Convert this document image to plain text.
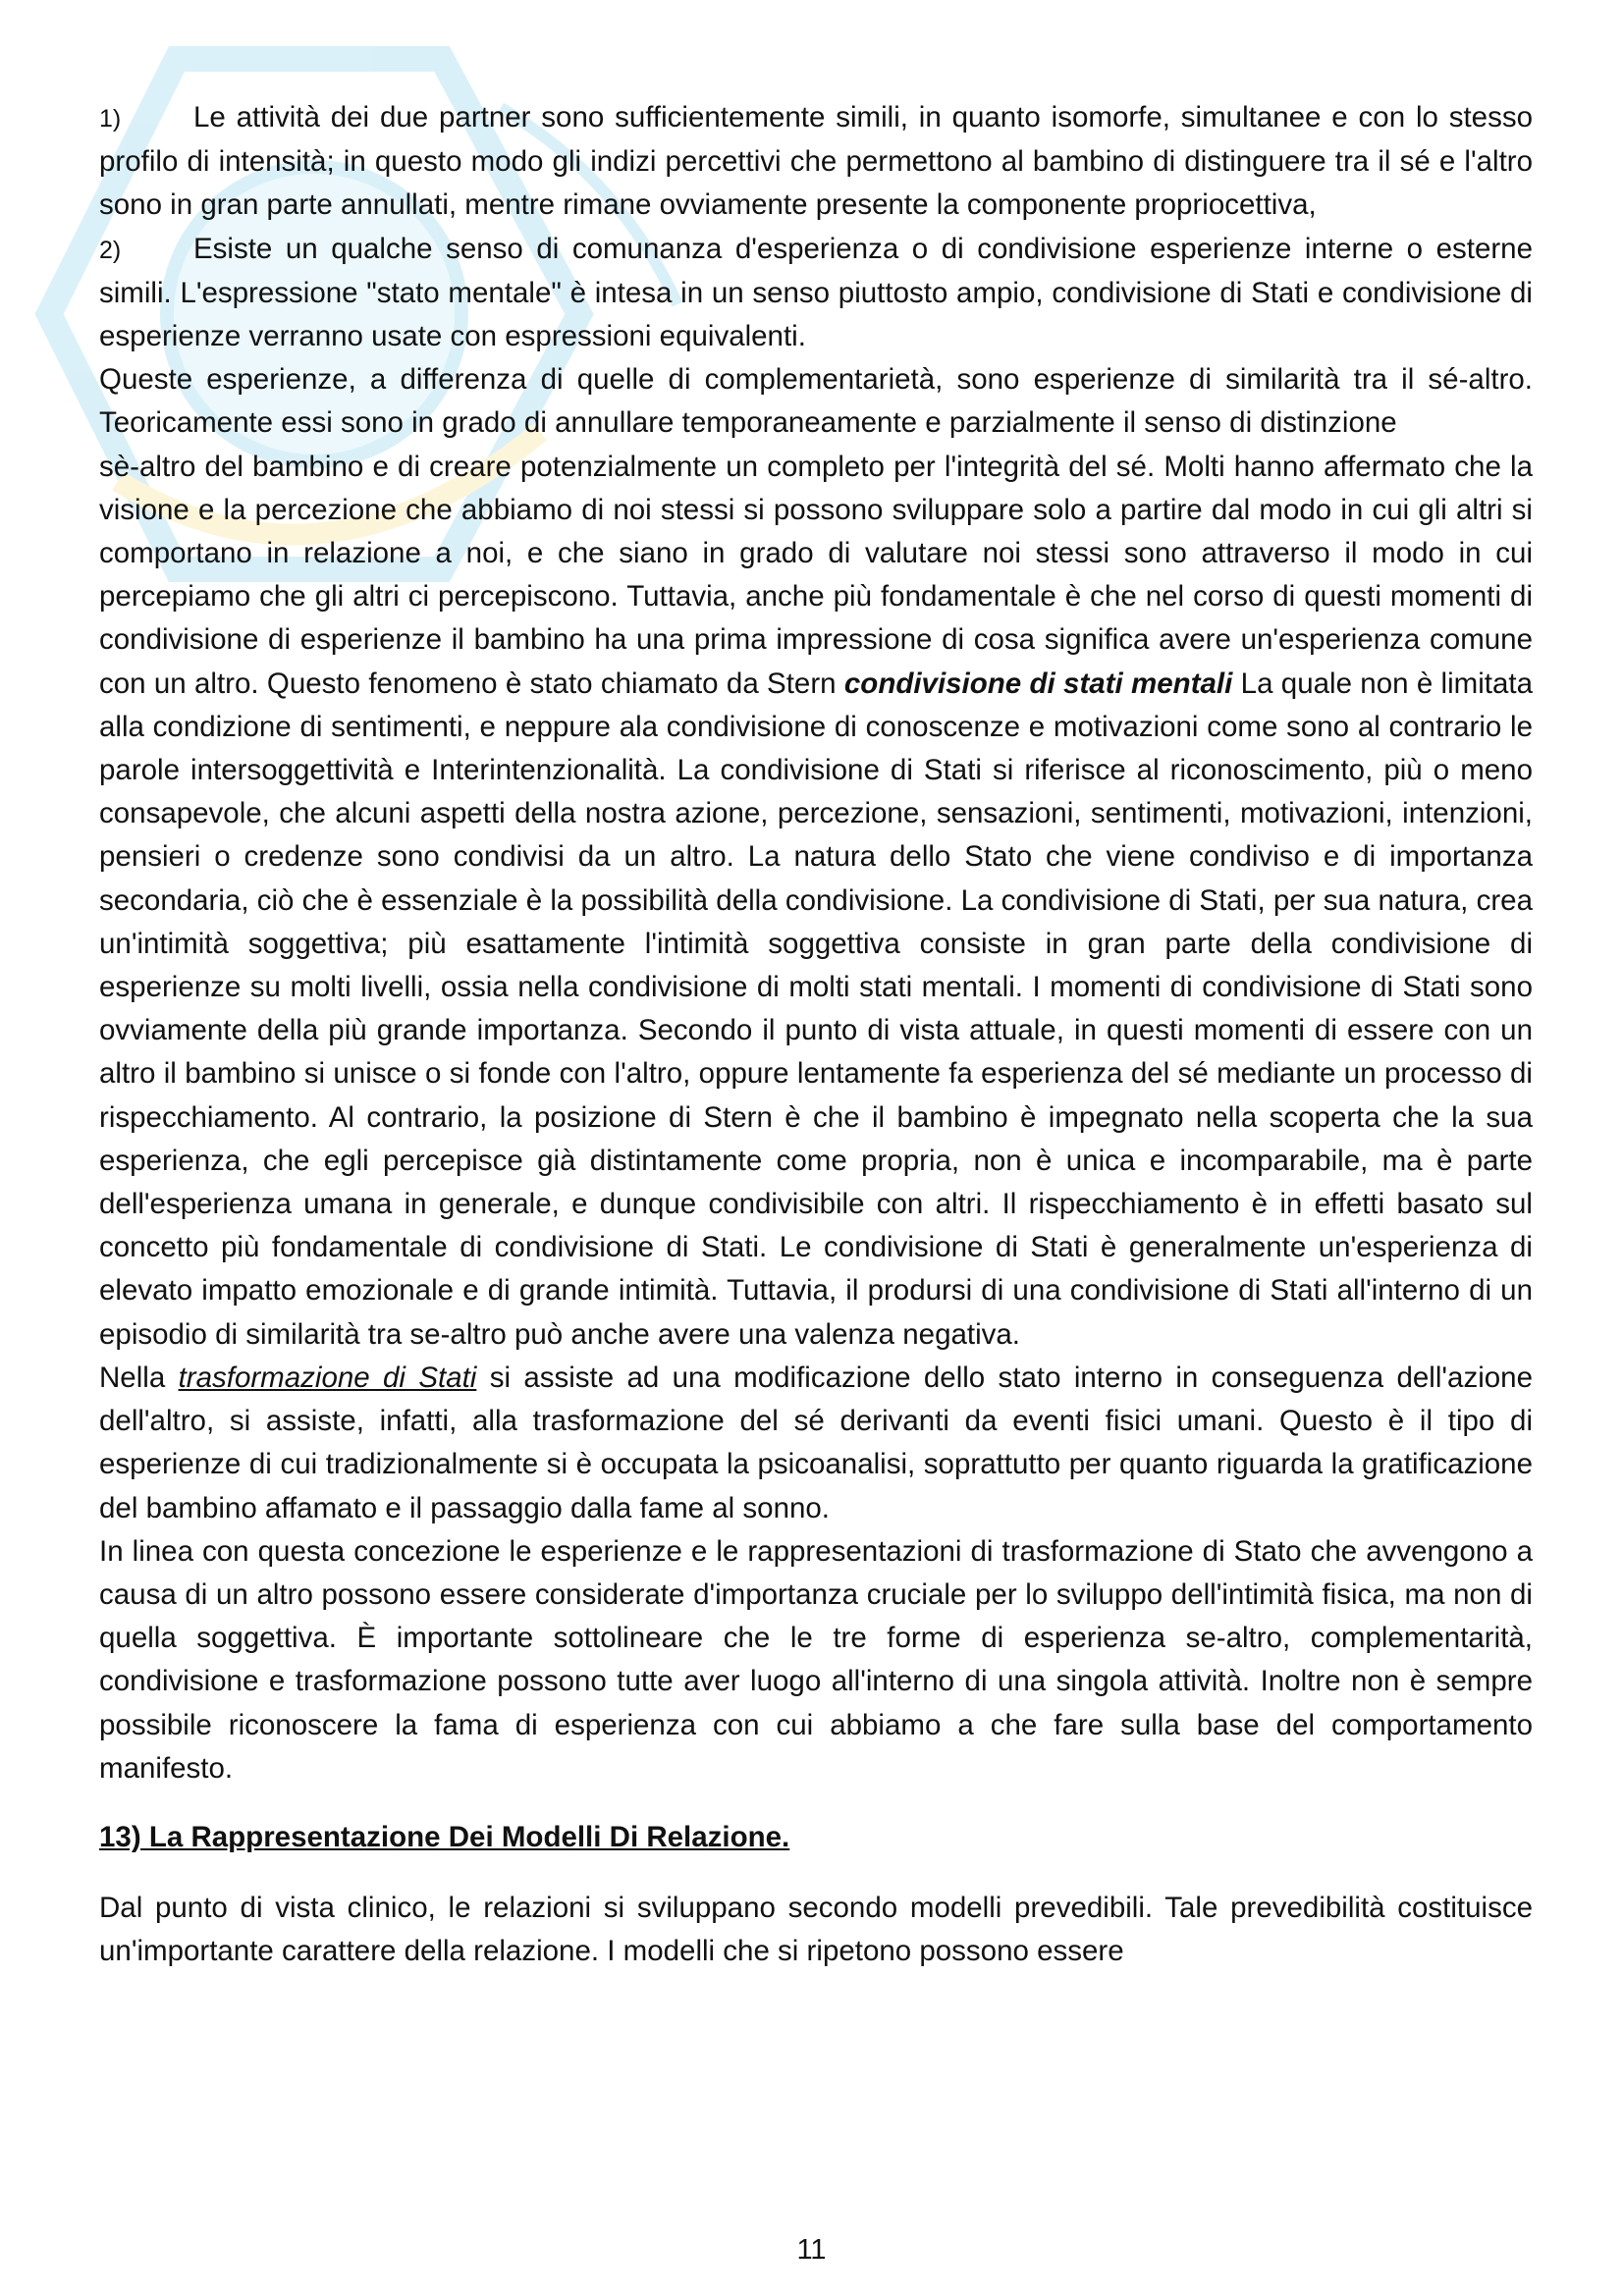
1)	Le attività dei due partner sono sufficientemente simili, in quanto isomorfe, simultanee e con lo stesso profilo di intensità; in questo modo gli indizi percettivi che permettono al bambino di distinguere tra il sé e l'altro sono in gran parte annullati, mentre rimane ovviamente presente la componente propriocettiva,

2)	Esiste un qualche senso di comunanza d'esperienza o di condivisione esperienze interne o esterne simili. L'espressione "stato mentale" è intesa in un senso piuttosto ampio, condivisione di Stati e condivisione di esperienze verranno usate con espressioni equivalenti.

Queste esperienze, a differenza di quelle di complementarietà, sono esperienze di similarità tra il sé-altro. Teoricamente essi sono in grado di annullare temporaneamente e parzialmente il senso di distinzione

sè-altro del bambino e di creare potenzialmente un completo per l'integrità del sé. Molti hanno affermato che la visione e la percezione che abbiamo di noi stessi si possono sviluppare solo a partire dal modo in cui gli altri si comportano in relazione a noi, e che siano in grado di valutare noi stessi sono attraverso il modo in cui percepiamo che gli altri ci percepiscono. Tuttavia, anche più fondamentale è che nel corso di questi momenti di condivisione di esperienze il bambino ha una prima impressione di cosa significa avere un'esperienza comune con un altro. Questo fenomeno è stato chiamato da Stern condivisione di stati mentali La quale non è limitata alla condizione di sentimenti, e neppure ala condivisione di conoscenze e motivazioni come sono al contrario le parole intersoggettività e Interintenzionalità. La condivisione di Stati si riferisce al riconoscimento, più o meno consapevole, che alcuni aspetti della nostra azione, percezione, sensazioni, sentimenti, motivazioni, intenzioni, pensieri o credenze sono condivisi da un altro. La natura dello Stato che viene condiviso e di importanza secondaria, ciò che è essenziale è la possibilità della condivisione. La condivisione di Stati, per sua natura, crea un'intimità soggettiva; più esattamente l'intimità soggettiva consiste in gran parte della condivisione di esperienze su molti livelli, ossia nella condivisione di molti stati mentali. I momenti di condivisione di Stati sono ovviamente della più grande importanza. Secondo il punto di vista attuale, in questi momenti di essere con un altro il bambino si unisce o si fonde con l'altro, oppure lentamente fa esperienza del sé mediante un processo di rispecchiamento. Al contrario, la posizione di Stern è che il bambino è impegnato nella scoperta che la sua esperienza, che egli percepisce già distintamente come propria, non è unica e incomparabile, ma è parte dell'esperienza umana in generale, e dunque condivisibile con altri. Il rispecchiamento è in effetti basato sul concetto più fondamentale di condivisione di Stati. Le condivisione di Stati è generalmente un'esperienza di elevato impatto emozionale e di grande intimità. Tuttavia, il prodursi di una condivisione di Stati all'interno di un episodio di similarità tra se-altro può anche avere una valenza negativa.

Nella trasformazione di Stati si assiste ad una modificazione dello stato interno in conseguenza dell'azione dell'altro, si assiste, infatti, alla trasformazione del sé derivanti da eventi fisici umani. Questo è il tipo di esperienze di cui tradizionalmente si è occupata la psicoanalisi, soprattutto per quanto riguarda la gratificazione del bambino affamato e il passaggio dalla fame al sonno.

In linea con questa concezione le esperienze e le rappresentazioni di trasformazione di Stato che avvengono a causa di un altro possono essere considerate d'importanza cruciale per lo sviluppo dell'intimità fisica, ma non di quella soggettiva. È importante sottolineare che le tre forme di esperienza se-altro, complementarità, condivisione e trasformazione possono tutte aver luogo all'interno di una singola attività. Inoltre non è sempre possibile riconoscere la fama di esperienza con cui abbiamo a che fare sulla base del comportamento manifesto.

13) La Rappresentazione Dei Modelli Di Relazione.

Dal punto di vista clinico, le relazioni si sviluppano secondo modelli prevedibili. Tale prevedibilità costituisce un'importante carattere della relazione. I modelli che si ripetono possono essere

11
